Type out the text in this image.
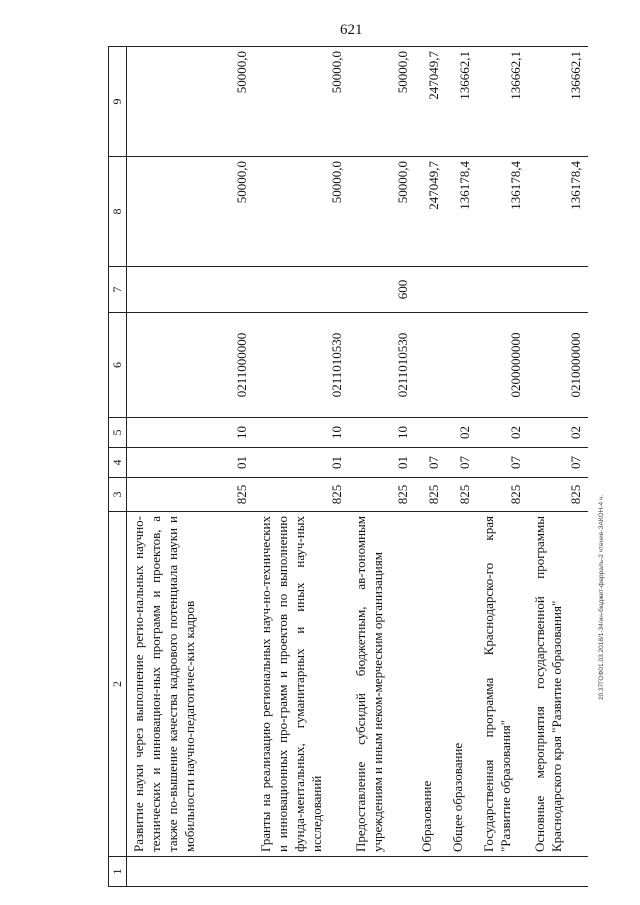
621
20.37ГОФ01.03.2018/1-34/ин-бюджет-ферраль-2 чтение-ЗАКОН-4 ч.
1	2	3	4	5	6	7	8	9
	Развитие науки через выполнение регио-нальных научно-технических и инновацион-ных программ и проектов, а также по-вышение качества кадрового потенциала науки и мобильности научно-педагогичес-ких кадров	825	01	10	0211000000		50000,0	50000,0
	Гранты на реализацию региональных науч-но-технических и инновационных про-грамм и проектов по выполнению фунда-ментальных, гуманитарных и иных науч-ных исследований	825	01	10	0211010530		50000,0	50000,0
	Предоставление субсидий бюджетным, ав-тономным учреждениям и иным неком-мерческим организациям	825	01	10	0211010530	600	50000,0	50000,0
	Образование	825	07				247049,7	247049,7
	Общее образование	825	07	02			136178,4	136662,1
	Государственная программа Краснодарско-го края "Развитие образования"	825	07	02	0200000000		136178,4	136662,1
	Основные мероприятия государственной программы Краснодарского края "Развитие образования"	825	07	02	0210000000		136178,4	136662,1
